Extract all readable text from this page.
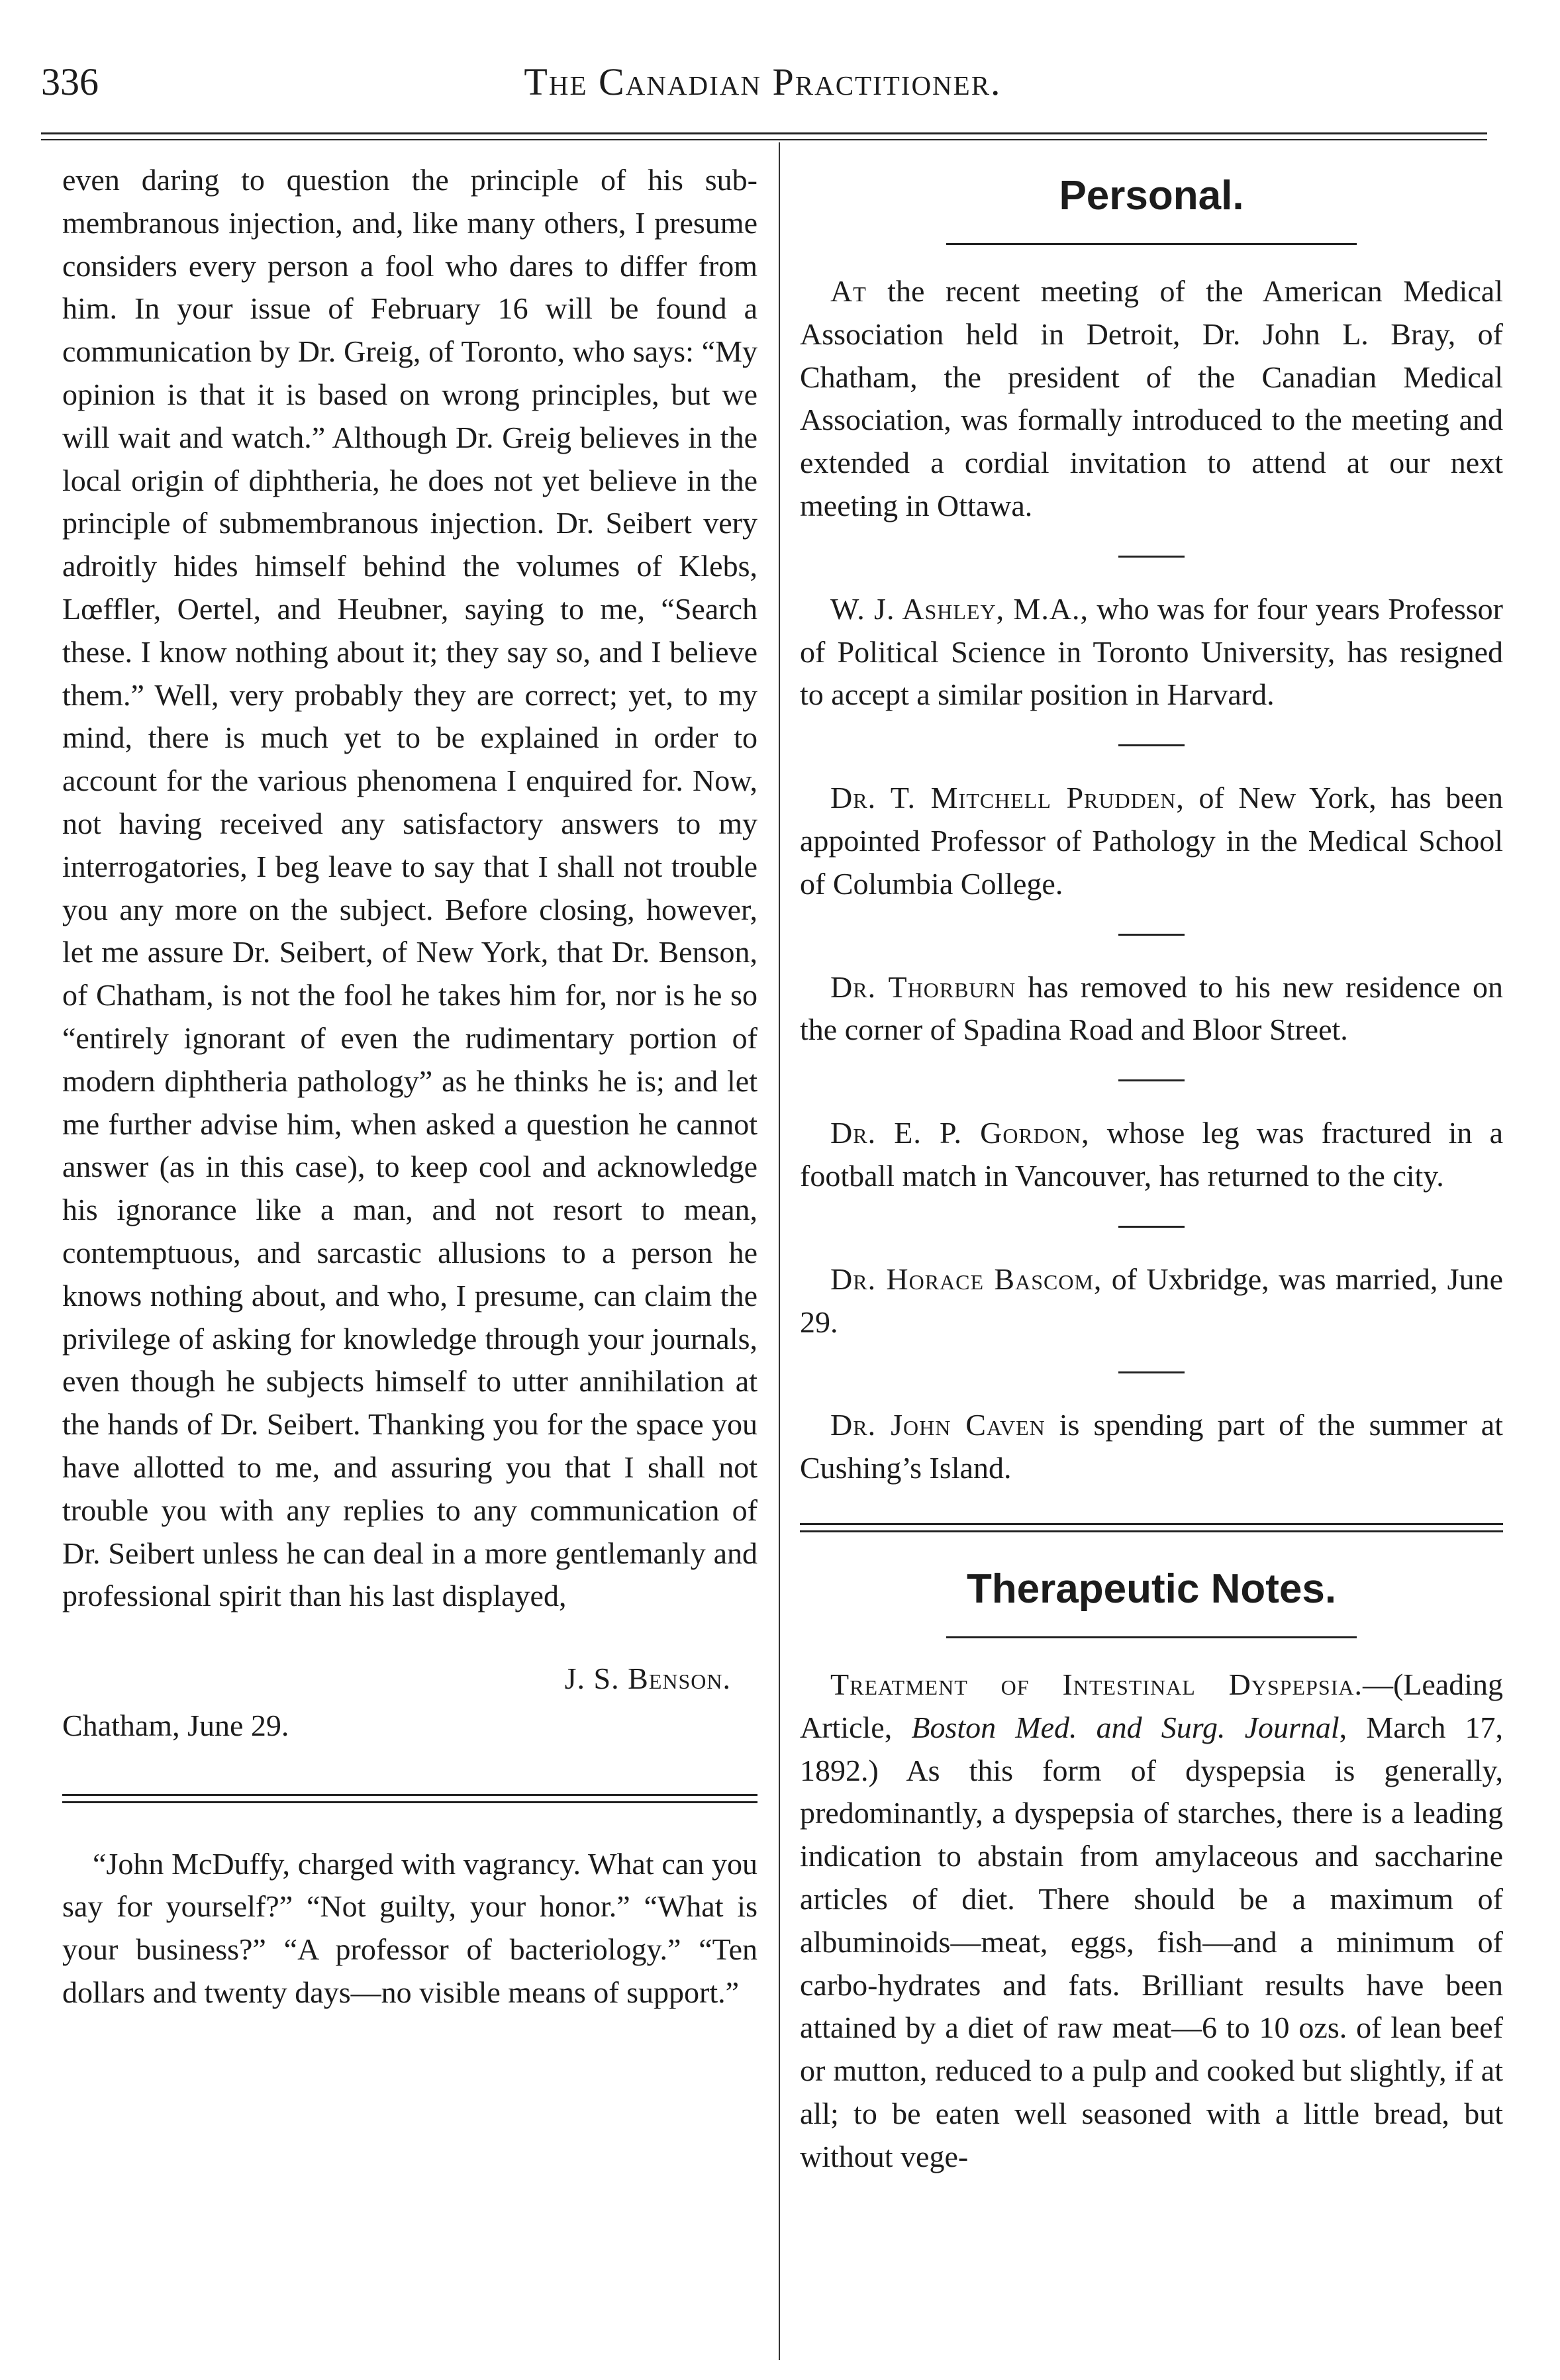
336	The Canadian Practitioner.

even daring to question the principle of his sub-membranous injection, and, like many others, I presume considers every person a fool who dares to differ from him. In your issue of February 16 will be found a communication by Dr. Greig, of Toronto, who says: “My opinion is that it is based on wrong principles, but we will wait and watch.” Although Dr. Greig believes in the local origin of diphtheria, he does not yet believe in the principle of submembranous injection. Dr. Seibert very adroitly hides himself behind the volumes of Klebs, Lœffler, Oertel, and Heubner, saying to me, “Search these. I know nothing about it; they say so, and I believe them.” Well, very probably they are correct; yet, to my mind, there is much yet to be explained in order to account for the various phenomena I enquired for. Now, not having received any satisfactory answers to my interrogatories, I beg leave to say that I shall not trouble you any more on the subject. Before closing, however, let me assure Dr. Seibert, of New York, that Dr. Benson, of Chatham, is not the fool he takes him for, nor is he so “entirely ignorant of even the rudimentary portion of modern diphtheria pathology” as he thinks he is; and let me further advise him, when asked a question he cannot answer (as in this case), to keep cool and acknowledge his ignorance like a man, and not resort to mean, contemptuous, and sarcastic allusions to a person he knows nothing about, and who, I presume, can claim the privilege of asking for knowledge through your journals, even though he subjects himself to utter annihilation at the hands of Dr. Seibert. Thanking you for the space you have allotted to me, and assuring you that I shall not trouble you with any replies to any communication of Dr. Seibert unless he can deal in a more gentlemanly and professional spirit than his last displayed,

J. S. Benson.

Chatham, June 29.

“John McDuffy, charged with vagrancy. What can you say for yourself?” “Not guilty, your honor.” “What is your business?” “A professor of bacteriology.” “Ten dollars and twenty days—no visible means of support.”

Personal.

At the recent meeting of the American Medical Association held in Detroit, Dr. John L. Bray, of Chatham, the president of the Canadian Medical Association, was formally introduced to the meeting and extended a cordial invitation to attend at our next meeting in Ottawa.

W. J. Ashley, M.A., who was for four years Professor of Political Science in Toronto University, has resigned to accept a similar position in Harvard.

Dr. T. Mitchell Prudden, of New York, has been appointed Professor of Pathology in the Medical School of Columbia College.

Dr. Thorburn has removed to his new residence on the corner of Spadina Road and Bloor Street.

Dr. E. P. Gordon, whose leg was fractured in a football match in Vancouver, has returned to the city.

Dr. Horace Bascom, of Uxbridge, was married, June 29.

Dr. John Caven is spending part of the summer at Cushing’s Island.

Therapeutic Notes.

Treatment of Intestinal Dyspepsia.—(Leading Article, Boston Med. and Surg. Journal, March 17, 1892.) As this form of dyspepsia is generally, predominantly, a dyspepsia of starches, there is a leading indication to abstain from amylaceous and saccharine articles of diet. There should be a maximum of albuminoids—meat, eggs, fish—and a minimum of carbo-hydrates and fats. Brilliant results have been attained by a diet of raw meat—6 to 10 ozs. of lean beef or mutton, reduced to a pulp and cooked but slightly, if at all; to be eaten well seasoned with a little bread, but without vege-
